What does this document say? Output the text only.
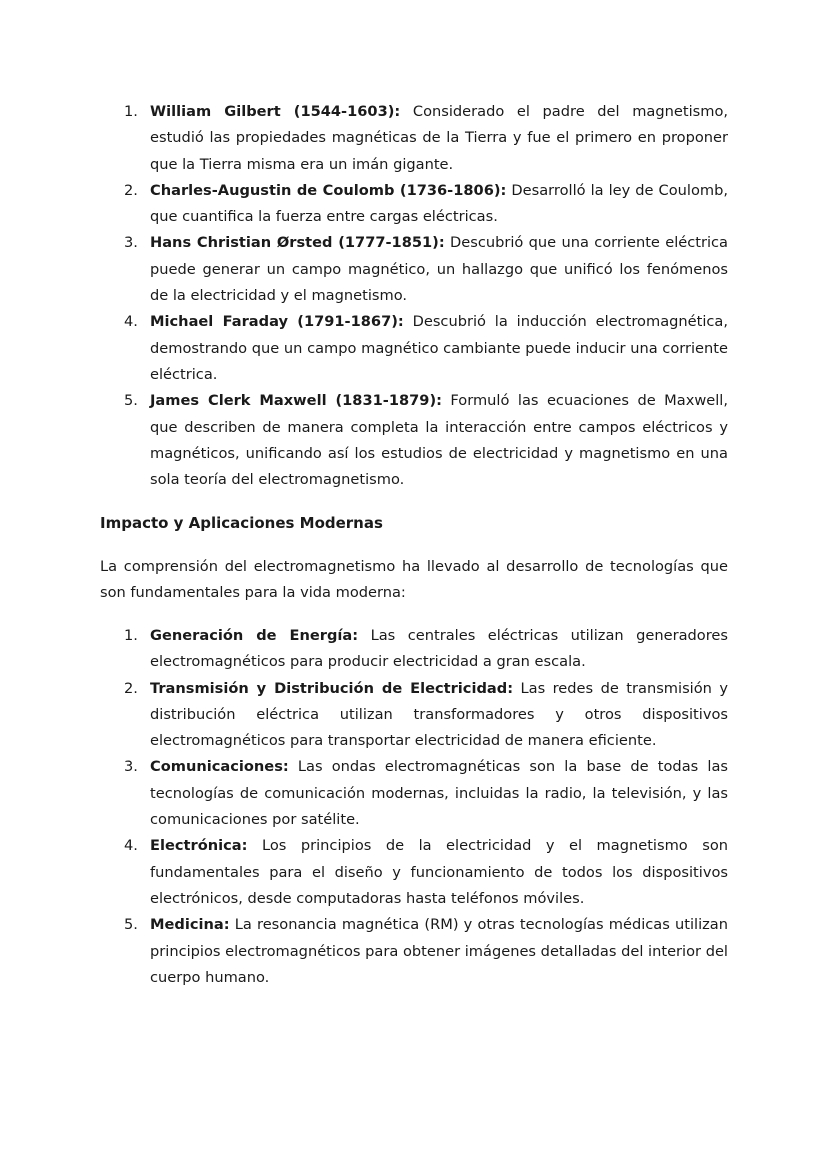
1. William Gilbert (1544-1603): Considerado el padre del magnetismo, estudió las propiedades magnéticas de la Tierra y fue el primero en proponer que la Tierra misma era un imán gigante.
2. Charles-Augustin de Coulomb (1736-1806): Desarrolló la ley de Coulomb, que cuantifica la fuerza entre cargas eléctricas.
3. Hans Christian Ørsted (1777-1851): Descubrió que una corriente eléctrica puede generar un campo magnético, un hallazgo que unificó los fenómenos de la electricidad y el magnetismo.
4. Michael Faraday (1791-1867): Descubrió la inducción electromagnética, demostrando que un campo magnético cambiante puede inducir una corriente eléctrica.
5. James Clerk Maxwell (1831-1879): Formuló las ecuaciones de Maxwell, que describen de manera completa la interacción entre campos eléctricos y magnéticos, unificando así los estudios de electricidad y magnetismo en una sola teoría del electromagnetismo.
Impacto y Aplicaciones Modernas

La comprensión del electromagnetismo ha llevado al desarrollo de tecnologías que son fundamentales para la vida moderna:

1. Generación de Energía: Las centrales eléctricas utilizan generadores electromagnéticos para producir electricidad a gran escala.
2. Transmisión y Distribución de Electricidad: Las redes de transmisión y distribución eléctrica utilizan transformadores y otros dispositivos electromagnéticos para transportar electricidad de manera eficiente.
3. Comunicaciones: Las ondas electromagnéticas son la base de todas las tecnologías de comunicación modernas, incluidas la radio, la televisión, y las comunicaciones por satélite.
4. Electrónica: Los principios de la electricidad y el magnetismo son fundamentales para el diseño y funcionamiento de todos los dispositivos electrónicos, desde computadoras hasta teléfonos móviles.
5. Medicina: La resonancia magnética (RM) y otras tecnologías médicas utilizan principios electromagnéticos para obtener imágenes detalladas del interior del cuerpo humano.
